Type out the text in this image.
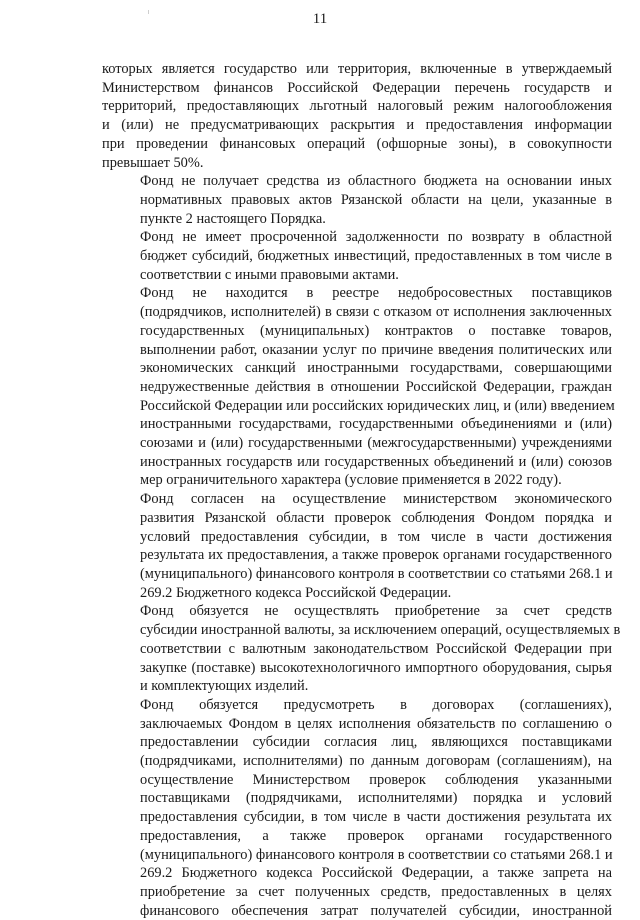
11
которых является государство или территория, включенные в утверждаемый
Министерством финансов Российской Федерации перечень государств и
территорий, предоставляющих льготный налоговый режим налогообложения
и (или) не предусматривающих раскрытия и предоставления информации
при проведении финансовых операций (офшорные зоны), в совокупности
превышает 50%.
Фонд не получает средства из областного бюджета на основании иных
нормативных правовых актов Рязанской области на цели, указанные в
пункте 2 настоящего Порядка.
Фонд не имеет просроченной задолженности по возврату в областной
бюджет субсидий, бюджетных инвестиций, предоставленных в том числе в
соответствии с иными правовыми актами.
Фонд не находится в реестре недобросовестных поставщиков
(подрядчиков, исполнителей) в связи с отказом от исполнения заключенных
государственных (муниципальных) контрактов о поставке товаров,
выполнении работ, оказании услуг по причине введения политических или
экономических санкций иностранными государствами, совершающими
недружественные действия в отношении Российской Федерации, граждан
Российской Федерации или российских юридических лиц, и (или) введением
иностранными государствами, государственными объединениями и (или)
союзами и (или) государственными (межгосударственными) учреждениями
иностранных государств или государственных объединений и (или) союзов
мер ограничительного характера (условие применяется в 2022 году).
Фонд согласен на осуществление министерством экономического
развития Рязанской области проверок соблюдения Фондом порядка и
условий предоставления субсидии, в том числе в части достижения
результата их предоставления, а также проверок органами государственного
(муниципального) финансового контроля в соответствии со статьями 268.1 и
269.2 Бюджетного кодекса Российской Федерации.
Фонд обязуется не осуществлять приобретение за счет средств
субсидии иностранной валюты, за исключением операций, осуществляемых в
соответствии с валютным законодательством Российской Федерации при
закупке (поставке) высокотехнологичного импортного оборудования, сырья
и комплектующих изделий.
Фонд обязуется предусмотреть в договорах (соглашениях),
заключаемых Фондом в целях исполнения обязательств по соглашению о
предоставлении субсидии согласия лиц, являющихся поставщиками
(подрядчиками, исполнителями) по данным договорам (соглашениям), на
осуществление Министерством проверок соблюдения указанными
поставщиками (подрядчиками, исполнителями) порядка и условий
предоставления субсидии, в том числе в части достижения результата их
предоставления, а также проверок органами государственного
(муниципального) финансового контроля в соответствии со статьями 268.1 и
269.2 Бюджетного кодекса Российской Федерации, а также запрета на
приобретение за счет полученных средств, предоставленных в целях
финансового обеспечения затрат получателей субсидии, иностранной
